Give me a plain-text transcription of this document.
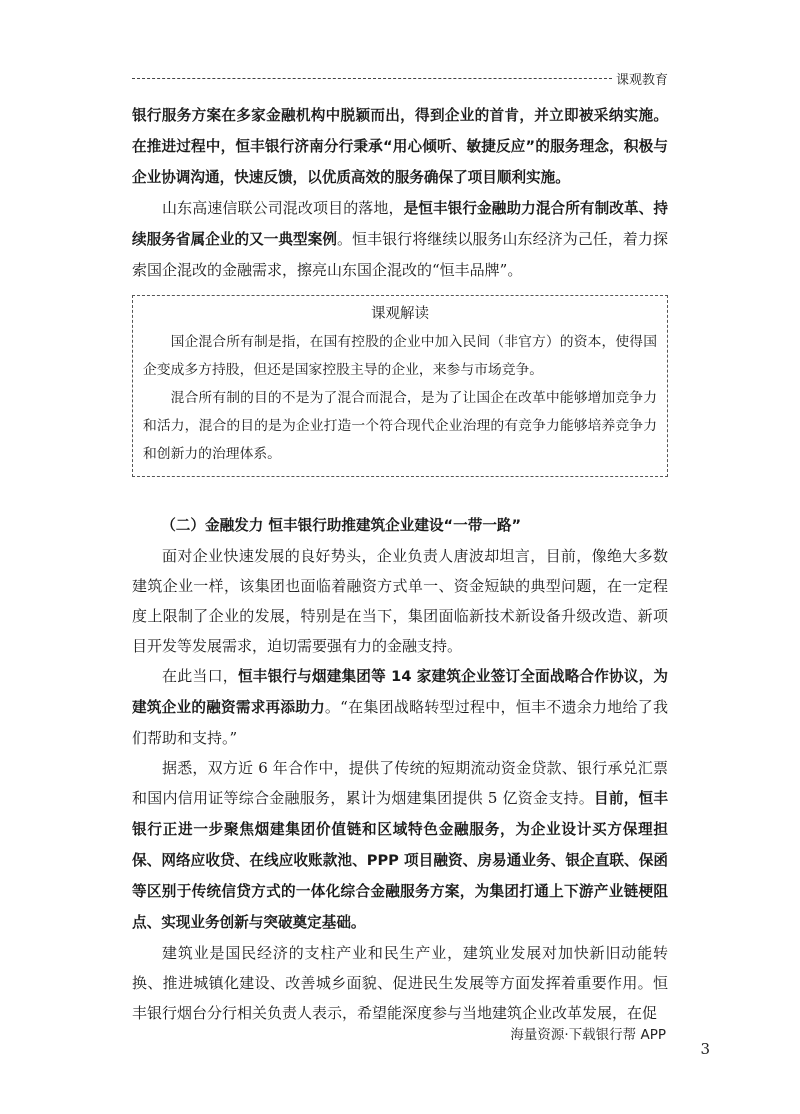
课观教育

银行服务方案在多家金融机构中脱颖而出，得到企业的首肯，并立即被采纳实施。在推进过程中，恒丰银行济南分行秉承“用心倾听、敏捷反应”的服务理念，积极与企业协调沟通，快速反馈，以优质高效的服务确保了项目顺利实施。

山东高速信联公司混改项目的落地，是恒丰银行金融助力混合所有制改革、持续服务省属企业的又一典型案例。恒丰银行将继续以服务山东经济为己任，着力探索国企混改的金融需求，擦亮山东国企混改的“恒丰品牌”。

课观解读

国企混合所有制是指，在国有控股的企业中加入民间（非官方）的资本，使得国企变成多方持股，但还是国家控股主导的企业，来参与市场竞争。

混合所有制的目的不是为了混合而混合，是为了让国企在改革中能够增加竞争力和活力，混合的目的是为企业打造一个符合现代企业治理的有竞争力能够培养竞争力和创新力的治理体系。

（二）金融发力 恒丰银行助推建筑企业建设“一带一路”

面对企业快速发展的良好势头，企业负责人唐波却坦言，目前，像绝大多数建筑企业一样，该集团也面临着融资方式单一、资金短缺的典型问题，在一定程度上限制了企业的发展，特别是在当下，集团面临新技术新设备升级改造、新项目开发等发展需求，迫切需要强有力的金融支持。

在此当口，恒丰银行与烟建集团等 14 家建筑企业签订全面战略合作协议，为建筑企业的融资需求再添助力。“在集团战略转型过程中，恒丰不遗余力地给了我们帮助和支持。”

据悉，双方近 6 年合作中，提供了传统的短期流动资金贷款、银行承兑汇票和国内信用证等综合金融服务，累计为烟建集团提供 5 亿资金支持。目前，恒丰银行正进一步聚焦烟建集团价值链和区域特色金融服务，为企业设计买方保理担保、网络应收贷、在线应收账款池、PPP 项目融资、房易通业务、银企直联、保函等区别于传统信贷方式的一体化综合金融服务方案，为集团打通上下游产业链梗阻点、实现业务创新与突破奠定基础。

建筑业是国民经济的支柱产业和民生产业，建筑业发展对加快新旧动能转换、推进城镇化建设、改善城乡面貌、促进民生发展等方面发挥着重要作用。恒丰银行烟台分行相关负责人表示，希望能深度参与当地建筑企业改革发展，在促

海量资源·下载银行帮 APP
3
